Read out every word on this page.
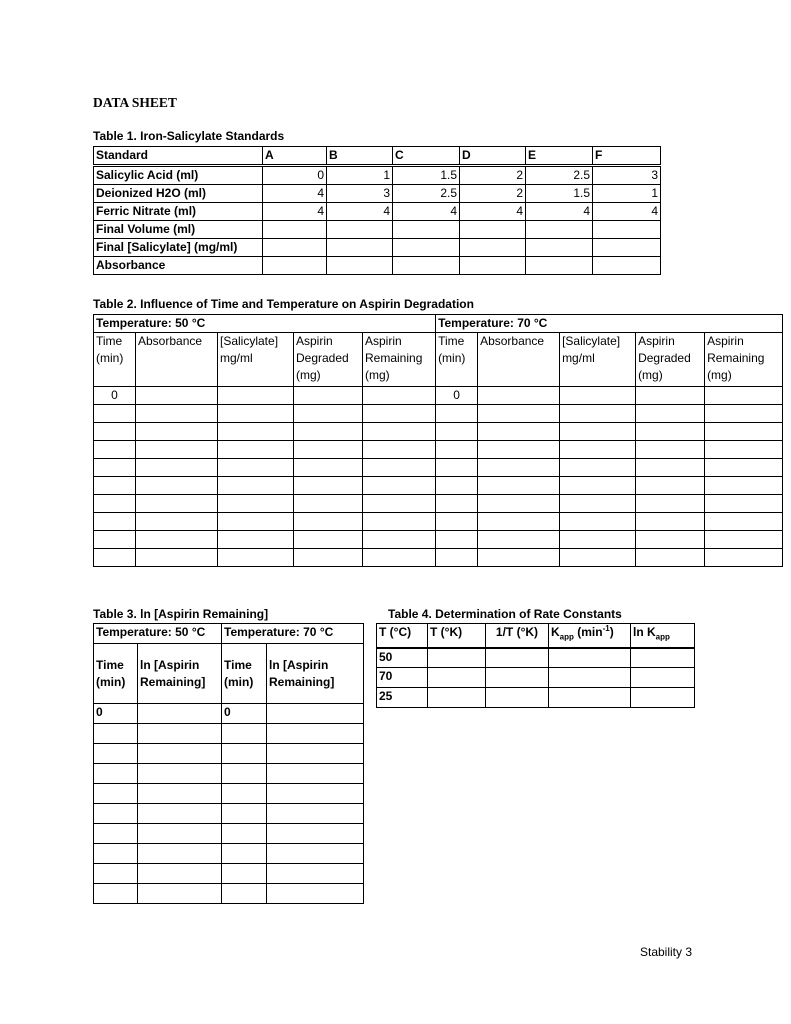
DATA SHEET
Table 1. Iron-Salicylate Standards
Standard	A	B	C	D	E	F
Salicylic Acid (ml)	0	1	1.5	2	2.5	3
Deionized H2O (ml)	4	3	2.5	2	1.5	1
Ferric Nitrate (ml)	4	4	4	4	4	4
Final Volume (ml)						
Final [Salicylate] (mg/ml)						
Absorbance						
Table 2. Influence of Time and Temperature on Aspirin Degradation
Temperature: 50 °C					Temperature: 70 °C				
Time (min)	Absorbance	[Salicylate] mg/ml	Aspirin Degraded (mg)	Aspirin Remaining (mg)	Time (min)	Absorbance	[Salicylate] mg/ml	Aspirin Degraded (mg)	Aspirin Remaining (mg)
0					0				

Table 3. ln [Aspirin Remaining]
Temperature: 50 °C		Temperature: 70 °C	
Time (min)	ln [Aspirin Remaining]	Time (min)	ln [Aspirin Remaining]
0		0	

Table 4. Determination of Rate Constants
T (°C)	T (°K)	1/T (°K)	$K_{app}$ $(\min^{-1})$	$\ln K_{app}$
50				
70				
25				
Stability 3
